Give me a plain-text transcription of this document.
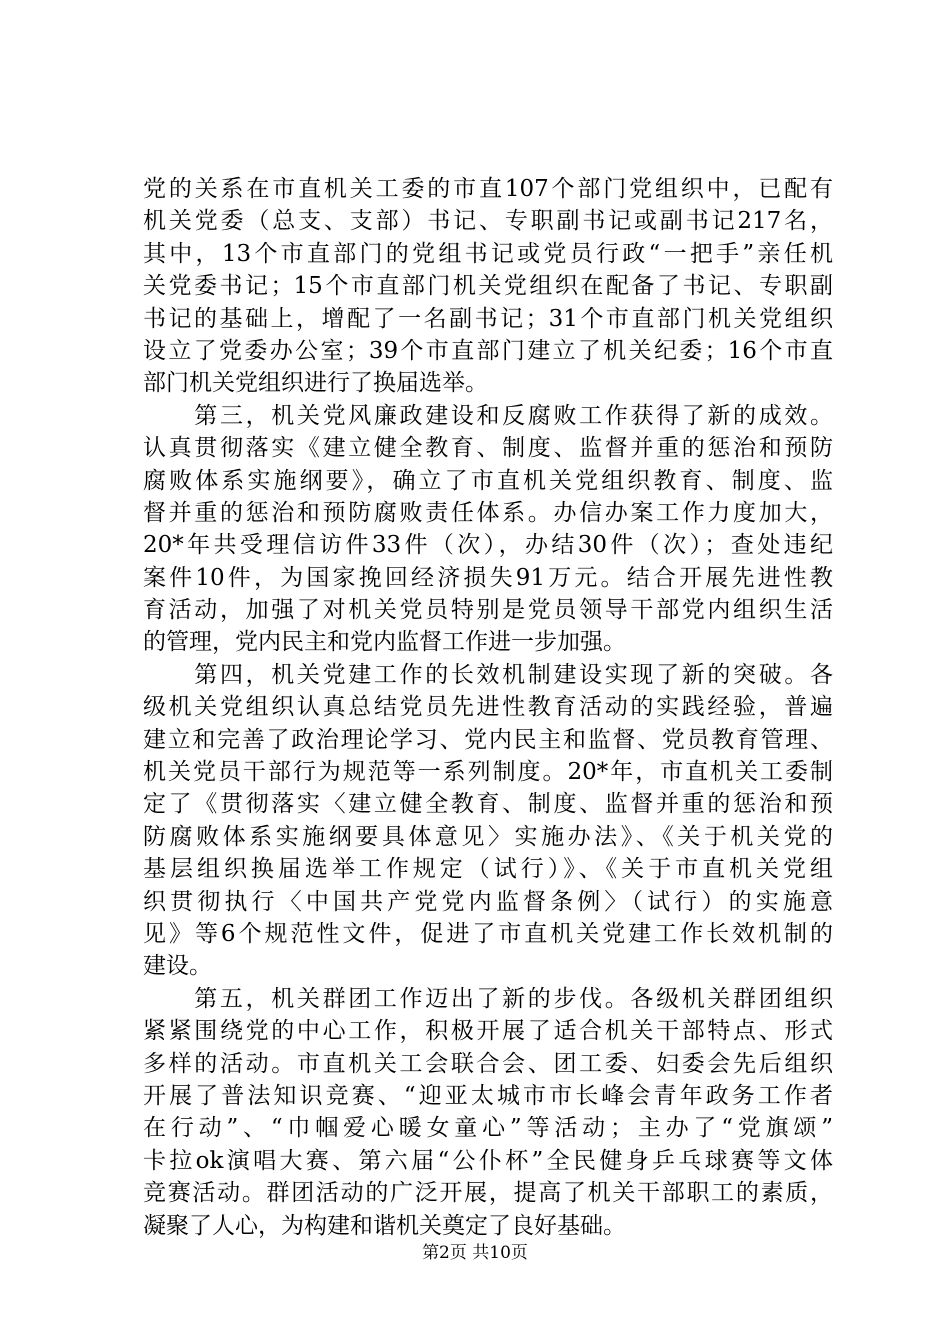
党的关系在市直机关工委的市直107个部门党组织中，已配有
机关党委（总支、支部）书记、专职副书记或副书记217名，
其中，13个市直部门的党组书记或党员行政“一把手”亲任机
关党委书记；15个市直部门机关党组织在配备了书记、专职副
书记的基础上，增配了一名副书记；31个市直部门机关党组织
设立了党委办公室；39个市直部门建立了机关纪委；16个市直
部门机关党组织进行了换届选举。
　　第三，机关党风廉政建设和反腐败工作获得了新的成效。
认真贯彻落实《建立健全教育、制度、监督并重的惩治和预防
腐败体系实施纲要》，确立了市直机关党组织教育、制度、监
督并重的惩治和预防腐败责任体系。办信办案工作力度加大，
20*年共受理信访件33件（次），办结30件（次）；查处违纪
案件10件，为国家挽回经济损失91万元。结合开展先进性教
育活动，加强了对机关党员特别是党员领导干部党内组织生活
的管理，党内民主和党内监督工作进一步加强。
　　第四，机关党建工作的长效机制建设实现了新的突破。各
级机关党组织认真总结党员先进性教育活动的实践经验，普遍
建立和完善了政治理论学习、党内民主和监督、党员教育管理、
机关党员干部行为规范等一系列制度。20*年，市直机关工委制
定了《贯彻落实〈建立健全教育、制度、监督并重的惩治和预
防腐败体系实施纲要具体意见〉实施办法》、《关于机关党的
基层组织换届选举工作规定（试行）》、《关于市直机关党组
织贯彻执行〈中国共产党党内监督条例〉（试行）的实施意
见》等6个规范性文件，促进了市直机关党建工作长效机制的
建设。
　　第五，机关群团工作迈出了新的步伐。各级机关群团组织
紧紧围绕党的中心工作，积极开展了适合机关干部特点、形式
多样的活动。市直机关工会联合会、团工委、妇委会先后组织
开展了普法知识竞赛、“迎亚太城市市长峰会青年政务工作者
在行动”、“巾帼爱心暖女童心”等活动；主办了“党旗颂”
卡拉ok演唱大赛、第六届“公仆杯”全民健身乒乓球赛等文体
竞赛活动。群团活动的广泛开展，提高了机关干部职工的素质，
凝聚了人心，为构建和谐机关奠定了良好基础。
第2页 共10页
